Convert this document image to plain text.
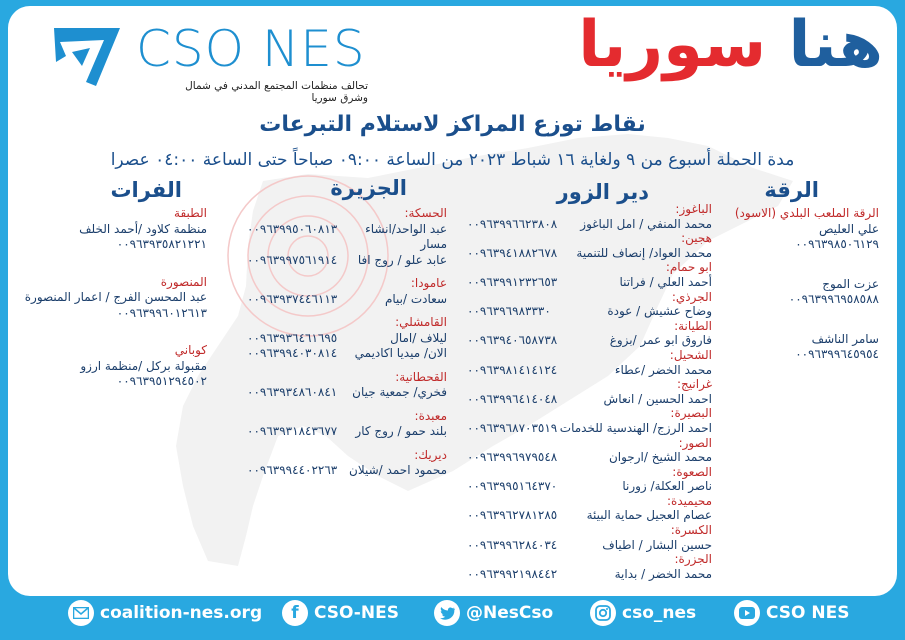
CSO NES
تحالف منظمات المجتمع المدني في شمال وشرق سوريا
هنا سوريا
نقاط توزع المراكز لاستلام التبرعات
مدة الحملة أسبوع من ٩ ولغاية ١٦ شباط ٢٠٢٣ من الساعة ٠٩:٠٠ صباحاً حتى الساعة ٠٤:٠٠ عصرا
الرقة
دير الزور
الجزيرة
الفرات
الرقة الملعب البلدي (الاسود)
علي العليص
٠٠٩٦٣٩٨٥٠٦١٢٩
عزت الموج
٠٠٩٦٣٩٩٦٩٥٨٥٨٨
سامر الناشف
٠٠٩٦٣٩٩٦٤٥٩٥٤
الباغوز:
محمد المنفي / امل الباغوز
٠٠٩٦٣٩٩٦٦٢٣٨٠٨
هجين:
محمد العواد/ إنصاف للتنمية
٠٠٩٦٣٩٤١٨٨٢٦٧٨
ابو حمام:
أحمد العلي / فراتنا
٠٠٩٦٣٩٩١٢٣٢٦٥٣
الجرذي:
وضاح عشيش / عودة
٠٠٩٦٣٩٦٩٨٣٣٣٠
الطيانة:
فاروق ابو عمر /بزوغ
٠٠٩٦٣٩٤٠٦٥٨٧٣٨
الشحيل:
محمد الخضر /عطاء
٠٠٩٦٣٩٨١٤١٤١٢٤
غرانيج:
احمد الحسين / انعاش
٠٠٩٦٣٩٩٦٤١٤٠٤٨
البصيرة:
احمد الرزج/ الهندسية للخدمات
٠٠٩٦٣٩٦٨٧٠٣٥١٩
الصور:
محمد الشيخ /ارجوان
٠٠٩٦٣٩٩٦٩٧٩٥٤٨
الصعوة:
ناصر العكلة/ زورنا
٠٠٩٦٣٩٩٥١٦٤٣٧٠
محيميدة:
عصام العجيل حماية البيئة
٠٠٩٦٣٩٦٢٧٨١٢٨٥
الكسرة:
حسين البشار / اطياف
٠٠٩٦٣٩٩٦٢٨٤٠٣٤
الجزرة:
محمد الخضر / بداية
٠٠٩٦٣٩٩٢١٩٨٤٤٢
الحسكة:
عبد الواحد/انشاء مسار
٠٠٩٦٣٩٩٥٠٦٠٨١٣
عابد علو / روج افا
٠٠٩٦٣٩٩٧٥٦١٩١٤
عامودا:
سعادت /بيام
٠٠٩٦٣٩٣٧٤٤٦١١٣
القامشلي:
ليلاف /امال
٠٠٩٦٣٩٣٦٤٦١٦٩٥
الان/ ميديا اكاديمي
٠٠٩٦٣٩٩٤٠٣٠٨١٤
القحطانية:
فخري/ جمعية جيان
٠٠٩٦٣٩٣٤٨٦٠٨٤١
معبدة:
بلند حمو / روج كار
٠٠٩٦٣٩٣١٨٤٣٦٧٧
ديريك:
محمود احمد /شيلان
٠٠٩٦٣٩٩٤٤٠٢٢٦٣
الطبقة
منظمة كلاود /أحمد الخلف
٠٠٩٦٣٩٣٥٨٢١٢٢١
المنصورة
عبد المحسن الفرج / اعمار المنصورة
٠٠٩٦٣٩٩٦٠١٢٦١٣
كوباني
مقبولة بركل /منظمة ارزو
٠٠٩٦٣٩٥١٢٩٤٥٠٢
coalition-nes.org f CSO-NES	@NesCso	cso_nes	CSO NES
